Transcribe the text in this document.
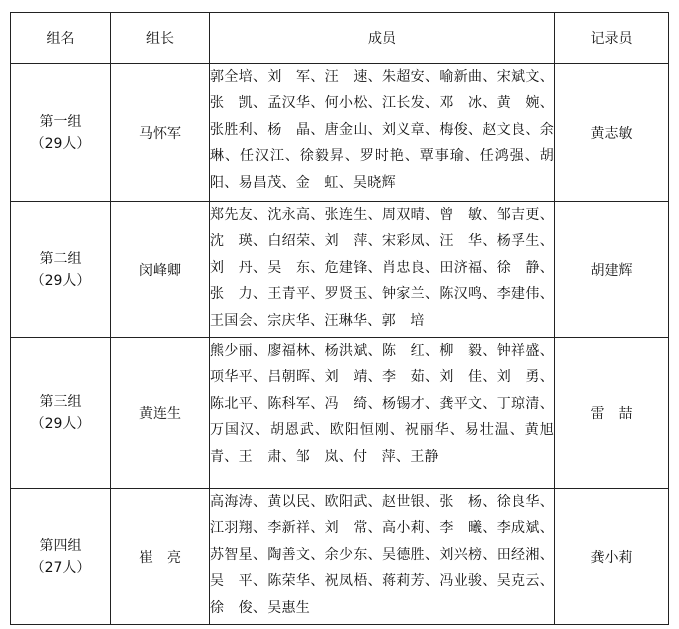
组名	组长	成员	记录员

第一组
（29人）	马怀军	郭全培、刘　军、汪　速、朱超安、喻新曲、宋斌文、张　凯、孟汉华、何小松、江长发、邓　冰、黄　婉、张胜利、杨　晶、唐金山、刘义章、梅俊、赵文良、余　琳、任汉江、徐毅昇、罗时艳、覃事瑜、任鸿强、胡　阳、易昌茂、金　虹、吴晓辉	黄志敏

第二组
（29人）	闵峰卿	郑先友、沈永高、张连生、周双晴、曾　敏、邹吉更、沈　瑛、白绍荣、刘　萍、宋彩凤、汪　华、杨孚生、刘　丹、吴　东、危建锋、肖忠良、田济福、徐　静、张　力、王青平、罗贤玉、钟家兰、陈汉鸣、李建伟、王国会、宗庆华、汪琳华、郭　培	胡建辉

第三组
（29人）	黄连生	熊少丽、廖福林、杨洪斌、陈　红、柳　毅、钟祥盛、项华平、吕朝晖、刘　靖、李　茹、刘　佳、刘　勇、陈北平、陈科军、冯　绮、杨锡才、龚平文、丁琼清、万国汉、胡恩武、欧阳恒刚、祝丽华、易壮温、黄旭青、王　肃、邹　岚、付　萍、王静	雷　喆

第四组
（27人）	崔　亮	高海涛、黄以民、欧阳武、赵世银、张　杨、徐良华、江羽翔、李新祥、刘　常、高小莉、李　曦、李成斌、苏智星、陶善文、余少东、吴德胜、刘兴榜、田经湘、吴　平、陈荣华、祝凤梧、蒋莉芳、冯业骏、吴克云、徐　俊、吴惠生	龚小莉
